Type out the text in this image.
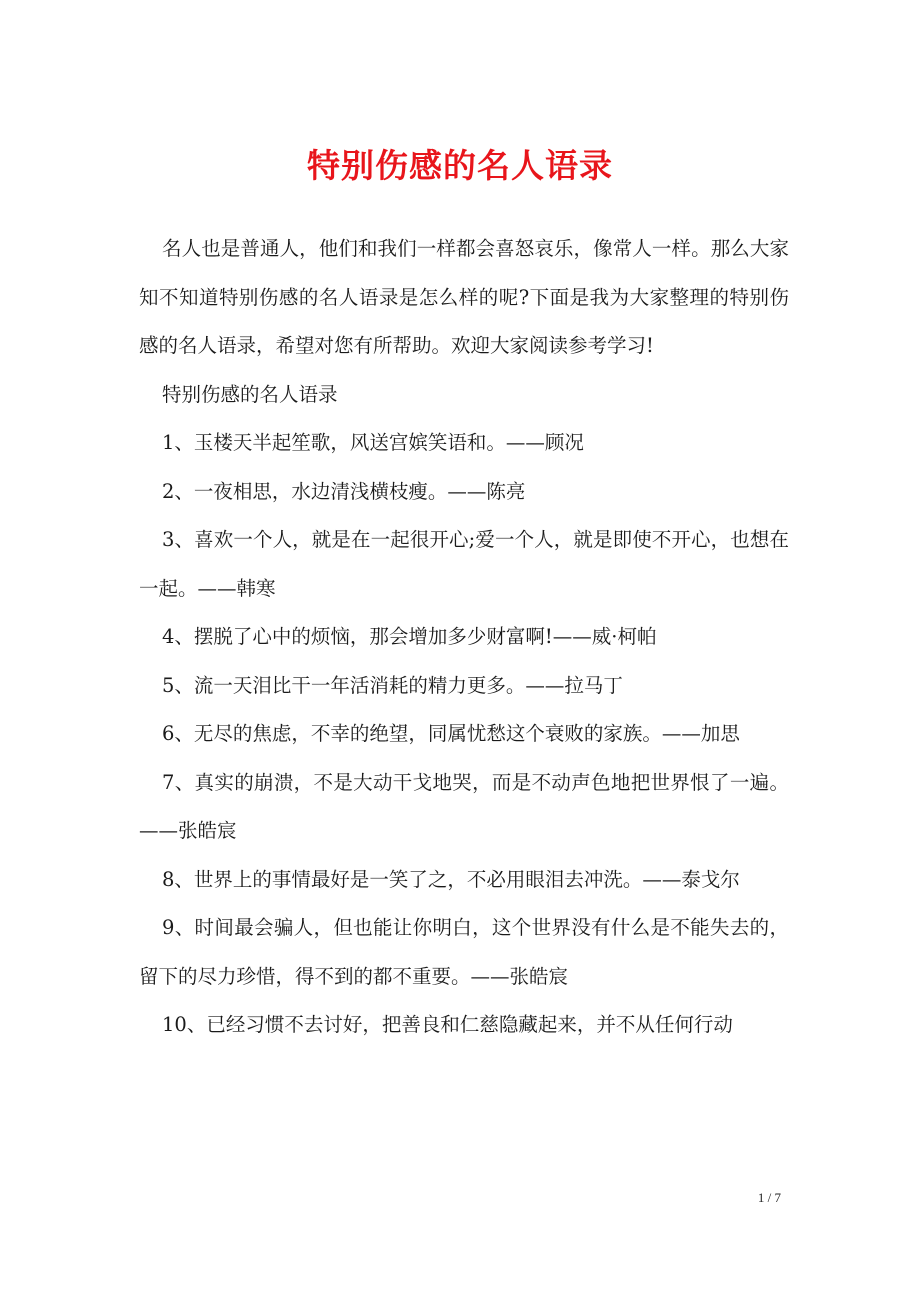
特别伤感的名人语录

名人也是普通人，他们和我们一样都会喜怒哀乐，像常人一样。那么大家知不知道特别伤感的名人语录是怎么样的呢?下面是我为大家整理的特别伤感的名人语录，希望对您有所帮助。欢迎大家阅读参考学习!

特别伤感的名人语录

1、玉楼天半起笙歌，风送宫嫔笑语和。——顾况

2、一夜相思，水边清浅横枝瘦。——陈亮

3、喜欢一个人，就是在一起很开心;爱一个人，就是即使不开心，也想在一起。——韩寒

4、摆脱了心中的烦恼，那会增加多少财富啊!——威·柯帕

5、流一天泪比干一年活消耗的精力更多。——拉马丁

6、无尽的焦虑，不幸的绝望，同属忧愁这个衰败的家族。——加思

7、真实的崩溃，不是大动干戈地哭，而是不动声色地把世界恨了一遍。——张皓宸

8、世界上的事情最好是一笑了之，不必用眼泪去冲洗。——泰戈尔

9、时间最会骗人，但也能让你明白，这个世界没有什么是不能失去的，留下的尽力珍惜，得不到的都不重要。——张皓宸

10、已经习惯不去讨好，把善良和仁慈隐藏起来，并不从任何行动

1 / 7
